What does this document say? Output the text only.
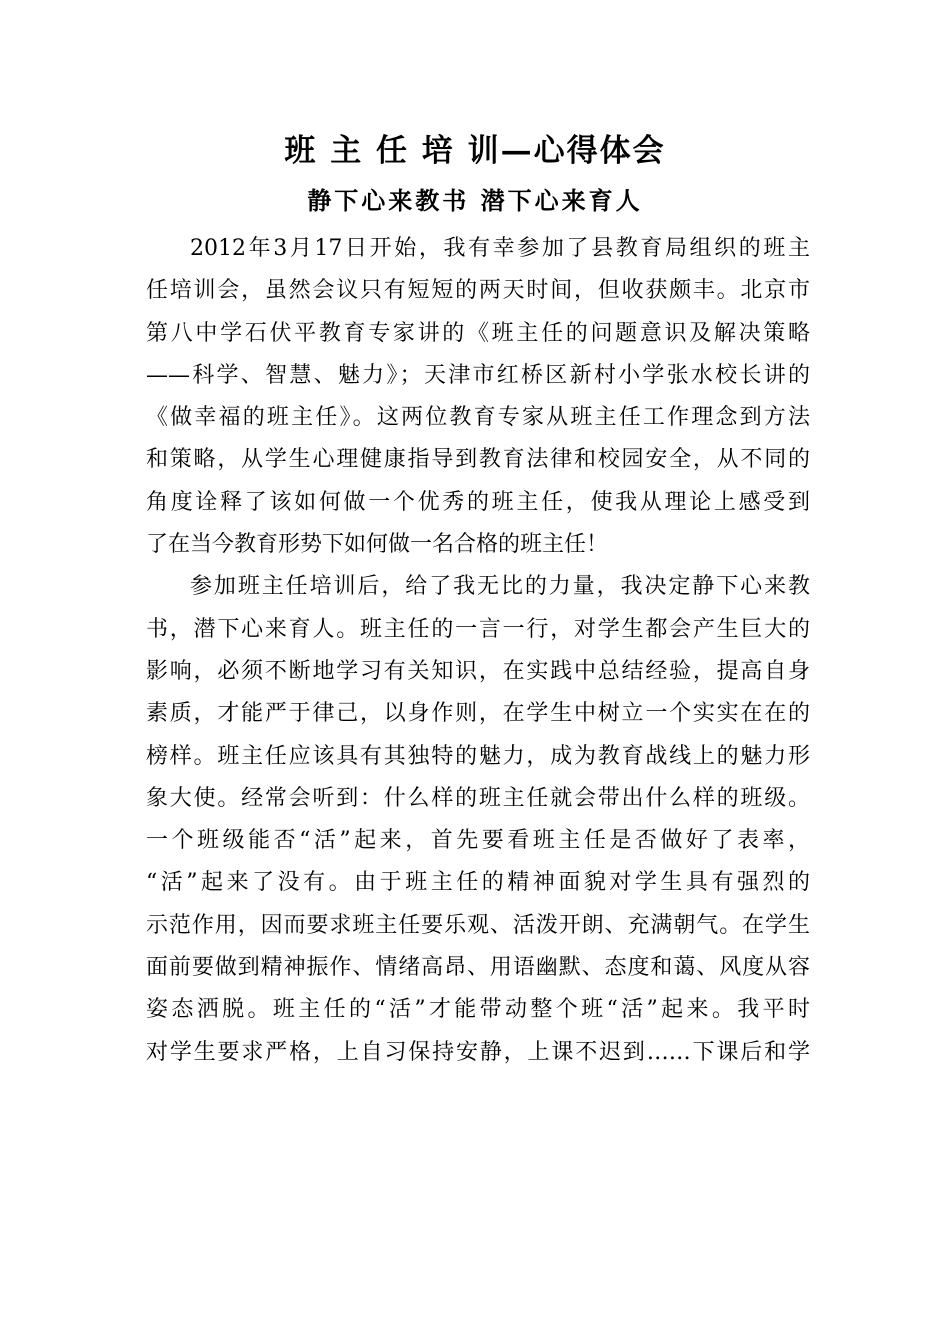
班 主 任 培 训—心得体会
静下心来教书 潜下心来育人

2012年3月17日开始，我有幸参加了县教育局组织的班主
任培训会，虽然会议只有短短的两天时间，但收获颇丰。北京市
第八中学石伏平教育专家讲的《班主任的问题意识及解决策略
——科学、智慧、魅力》；天津市红桥区新村小学张水校长讲的
《做幸福的班主任》。这两位教育专家从班主任工作理念到方法
和策略，从学生心理健康指导到教育法律和校园安全，从不同的
角度诠释了该如何做一个优秀的班主任，使我从理论上感受到
了在当今教育形势下如何做一名合格的班主任！

参加班主任培训后，给了我无比的力量，我决定静下心来教
书，潜下心来育人。班主任的一言一行，对学生都会产生巨大的
影响，必须不断地学习有关知识，在实践中总结经验，提高自身
素质，才能严于律己，以身作则，在学生中树立一个实实在在的
榜样。班主任应该具有其独特的魅力，成为教育战线上的魅力形
象大使。经常会听到：什么样的班主任就会带出什么样的班级。
一个班级能否“活”起来，首先要看班主任是否做好了表率，
“活”起来了没有。由于班主任的精神面貌对学生具有强烈的
示范作用，因而要求班主任要乐观、活泼开朗、充满朝气。在学生
面前要做到精神振作、情绪高昂、用语幽默、态度和蔼、风度从容
姿态洒脱。班主任的“活”才能带动整个班“活”起来。我平时
对学生要求严格，上自习保持安静，上课不迟到……下课后和学
